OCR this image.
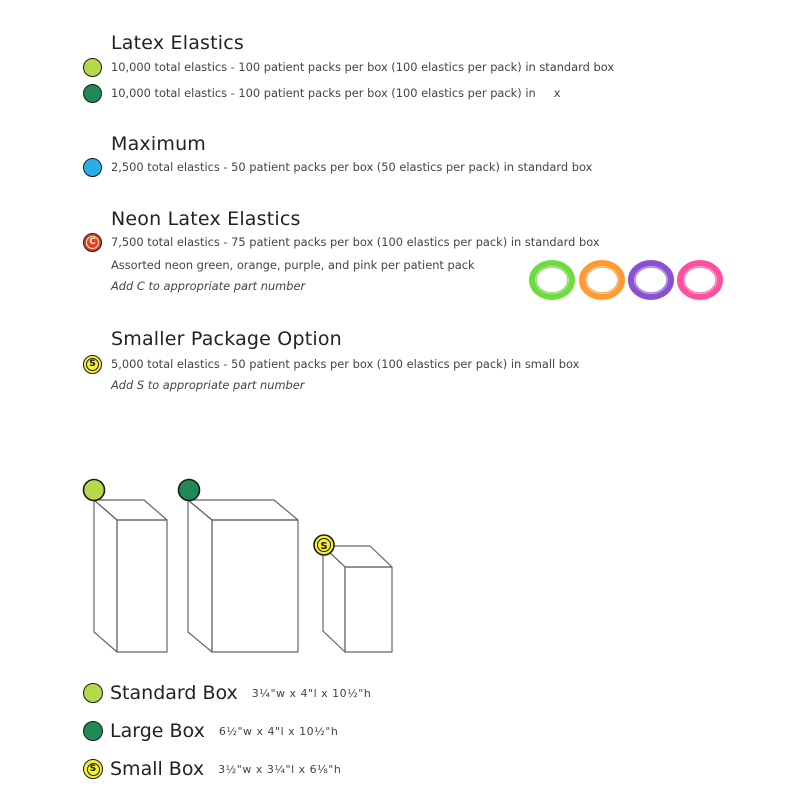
Latex Elastics
10,000 total elastics - 100 patient packs per box (100 elastics per pack) in standard box
10,000 total elastics - 100 patient packs per box (100 elastics per pack) in x
Maximum
2,500 total elastics - 50 patient packs per box (50 elastics per pack) in standard box
Neon Latex Elastics
C 7,500 total elastics - 75 patient packs per box (100 elastics per pack) in standard box
Assorted neon green, orange, purple, and pink per patient pack
Add C to appropriate part number
Smaller Package Option
S 5,000 total elastics - 50 patient packs per box (100 elastics per pack) in small box
Add S to appropriate part number
S
Standard Box 3¼"w x 4"l x 10½"h
Large Box 6½"w x 4"l x 10½"h
S Small Box 3½"w x 3¼"l x 6⅛"h
